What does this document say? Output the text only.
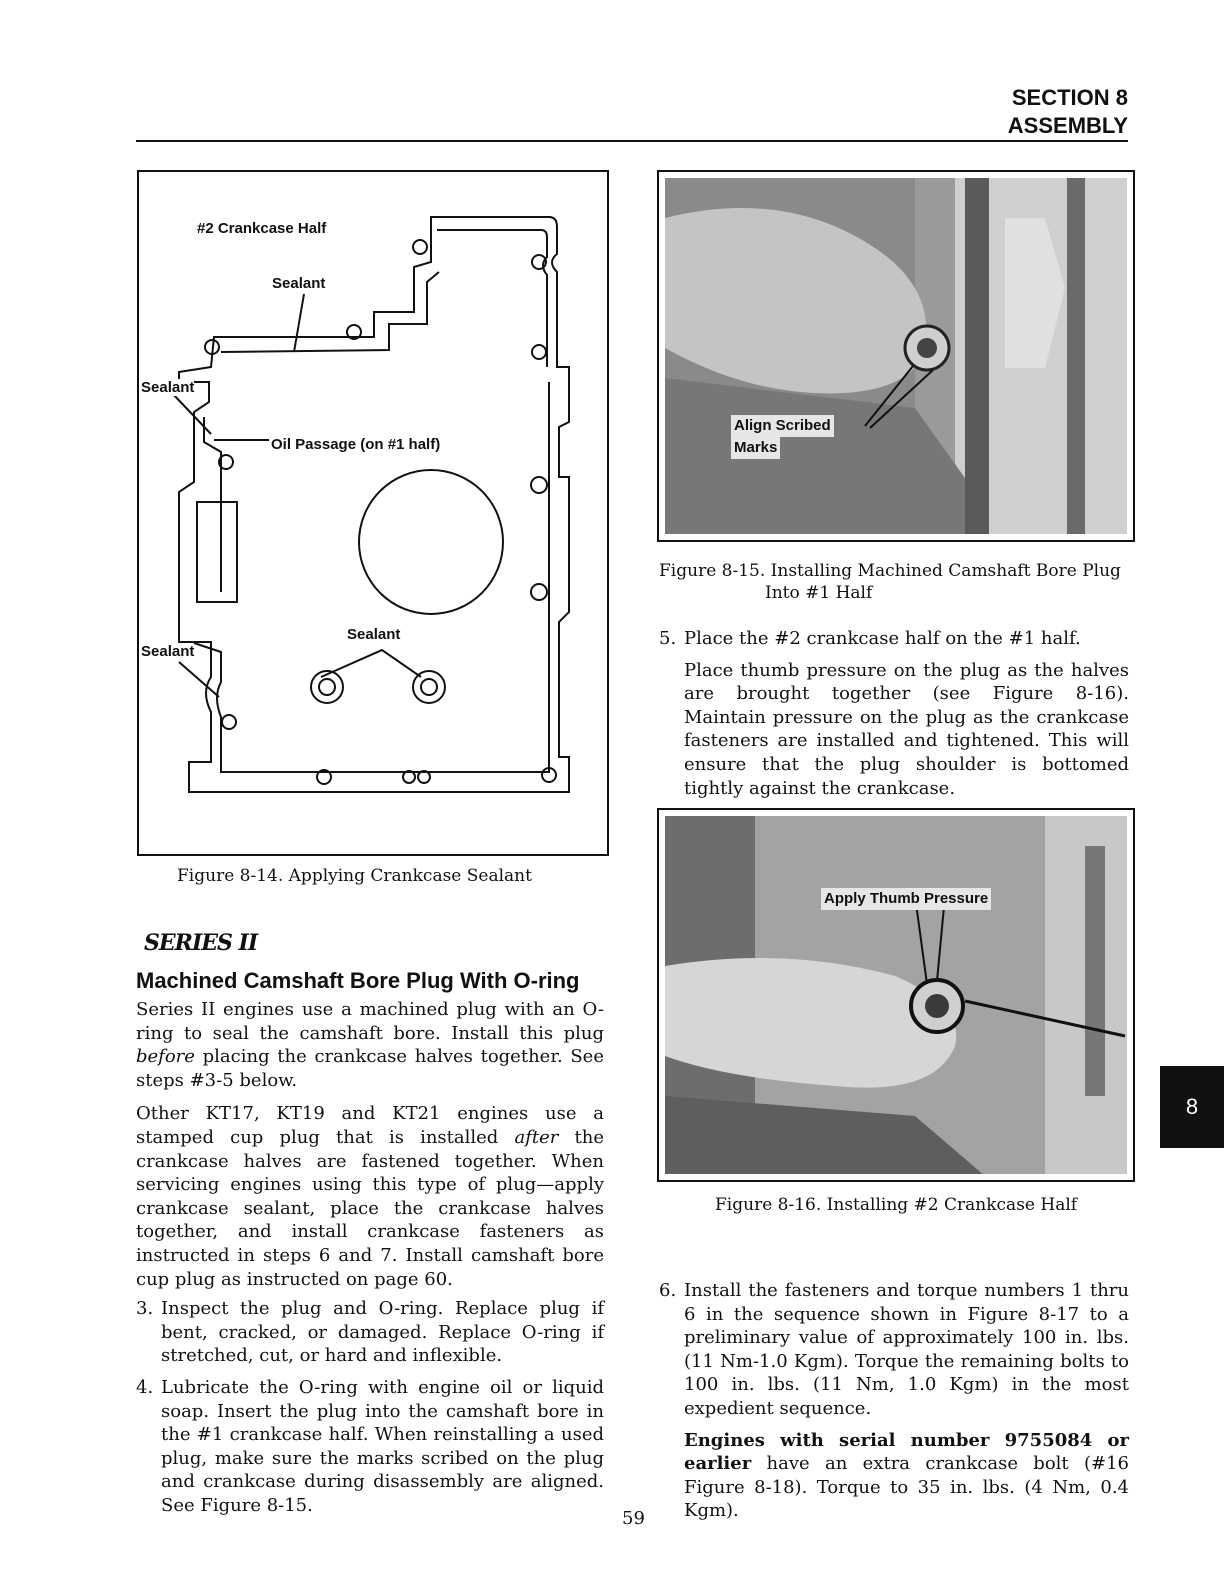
SECTION 8
ASSEMBLY
#2 Crankcase Half
Sealant
Sealant
Oil Passage (on #1 half)
Sealant
Sealant
Figure 8-14. Applying Crankcase Sealant
Align Scribed
Marks
Figure 8-15. Installing Machined Camshaft Bore Plug
Into #1 Half
5. Place the #2 crankcase half on the #1 half.

Place thumb pressure on the plug as the halves are brought together (see Figure 8-16). Maintain pressure on the plug as the crankcase fasteners are installed and tightened. This will ensure that the plug shoulder is bottomed tightly against the crankcase.

Apply Thumb Pressure
Figure 8-16. Installing #2 Crankcase Half
SERIES II
Machined Camshaft Bore Plug With O-ring

Series II engines use a machined plug with an O-ring to seal the camshaft bore. Install this plug before placing the crankcase halves together. See steps #3-5 below.

Other KT17, KT19 and KT21 engines use a stamped cup plug that is installed after the crankcase halves are fastened together. When servicing engines using this type of plug—apply crankcase sealant, place the crankcase halves together, and install crankcase fasteners as instructed in steps 6 and 7. Install camshaft bore cup plug as instructed on page 60.

3. Inspect the plug and O-ring. Replace plug if bent, cracked, or damaged. Replace O-ring if stretched, cut, or hard and inflexible.

4. Lubricate the O-ring with engine oil or liquid soap. Insert the plug into the camshaft bore in the #1 crankcase half. When reinstalling a used plug, make sure the marks scribed on the plug and crankcase during disassembly are aligned. See Figure 8-15.

6. Install the fasteners and torque numbers 1 thru 6 in the sequence shown in Figure 8-17 to a preliminary value of approximately 100 in. lbs. (11 Nm-1.0 Kgm). Torque the remaining bolts to 100 in. lbs. (11 Nm, 1.0 Kgm) in the most expedient sequence.

Engines with serial number 9755084 or earlier have an extra crankcase bolt (#16 Figure 8-18). Torque to 35 in. lbs. (4 Nm, 0.4 Kgm).

59
8
